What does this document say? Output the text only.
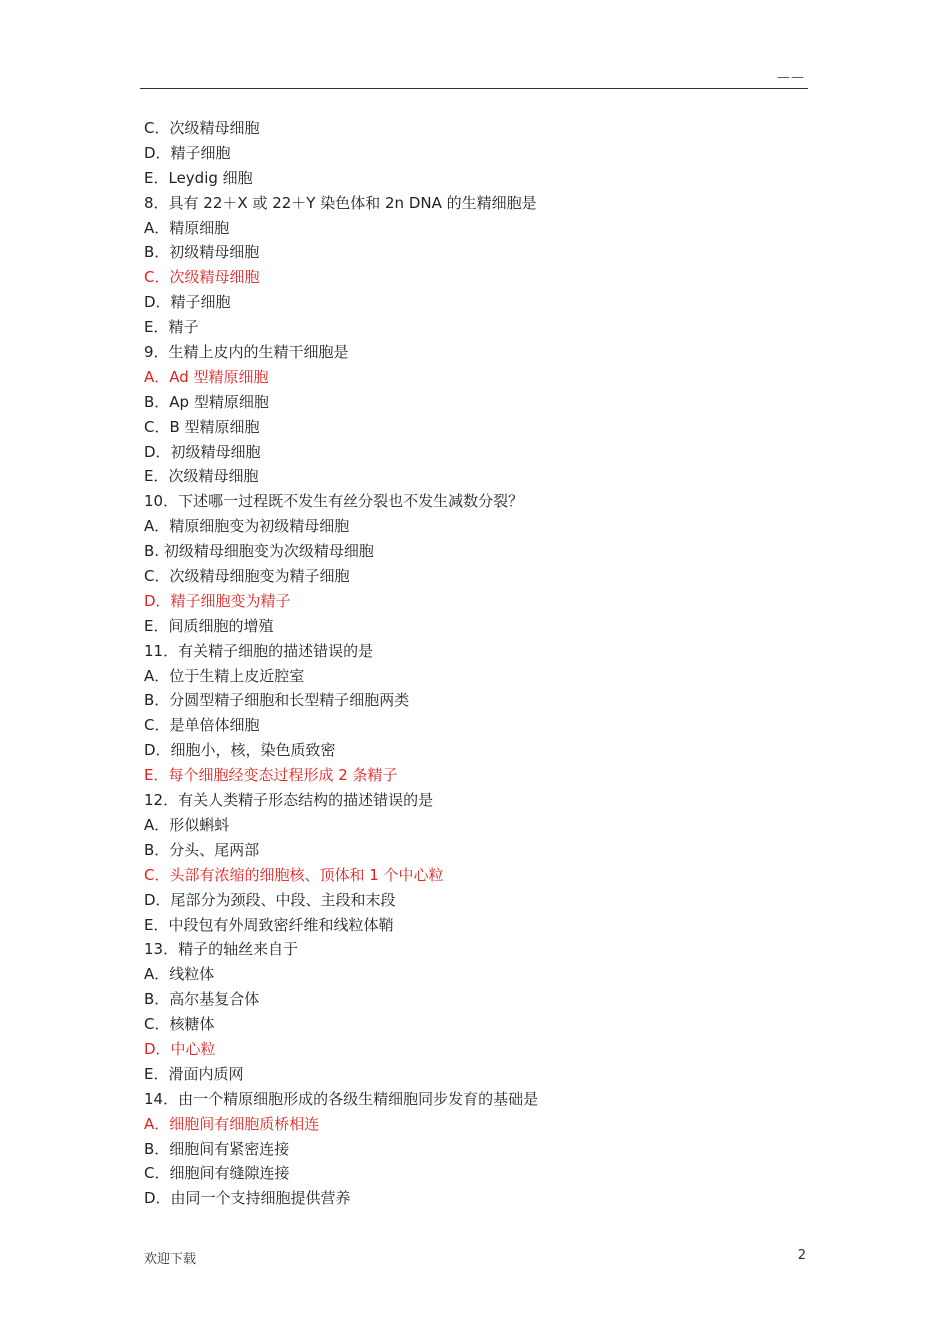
——
C．次级精母细胞
D．精子细胞
E．Leydig 细胞
8．具有 22＋X 或 22＋Y 染色体和 2n DNA 的生精细胞是
A．精原细胞
B．初级精母细胞
C．次级精母细胞
D．精子细胞
E．精子
9．生精上皮内的生精干细胞是
A．Ad 型精原细胞
B．Ap 型精原细胞
C．B 型精原细胞
D．初级精母细胞
E．次级精母细胞
10．下述哪一过程既不发生有丝分裂也不发生减数分裂？
A．精原细胞变为初级精母细胞
B. 初级精母细胞变为次级精母细胞
C．次级精母细胞变为精子细胞
D．精子细胞变为精子
E．间质细胞的增殖
11．有关精子细胞的描述错误的是
A．位于生精上皮近腔室
B．分圆型精子细胞和长型精子细胞两类
C．是单倍体细胞
D．细胞小，核，染色质致密
E．每个细胞经变态过程形成 2 条精子
12．有关人类精子形态结构的描述错误的是
A．形似蝌蚪
B．分头、尾两部
C．头部有浓缩的细胞核、顶体和 1 个中心粒
D．尾部分为颈段、中段、主段和末段
E．中段包有外周致密纤维和线粒体鞘
13．精子的轴丝来自于
A．线粒体
B．高尔基复合体
C．核糖体
D．中心粒
E．滑面内质网
14．由一个精原细胞形成的各级生精细胞同步发育的基础是
A．细胞间有细胞质桥相连
B．细胞间有紧密连接
C．细胞间有缝隙连接
D．由同一个支持细胞提供营养
欢迎下载	2
